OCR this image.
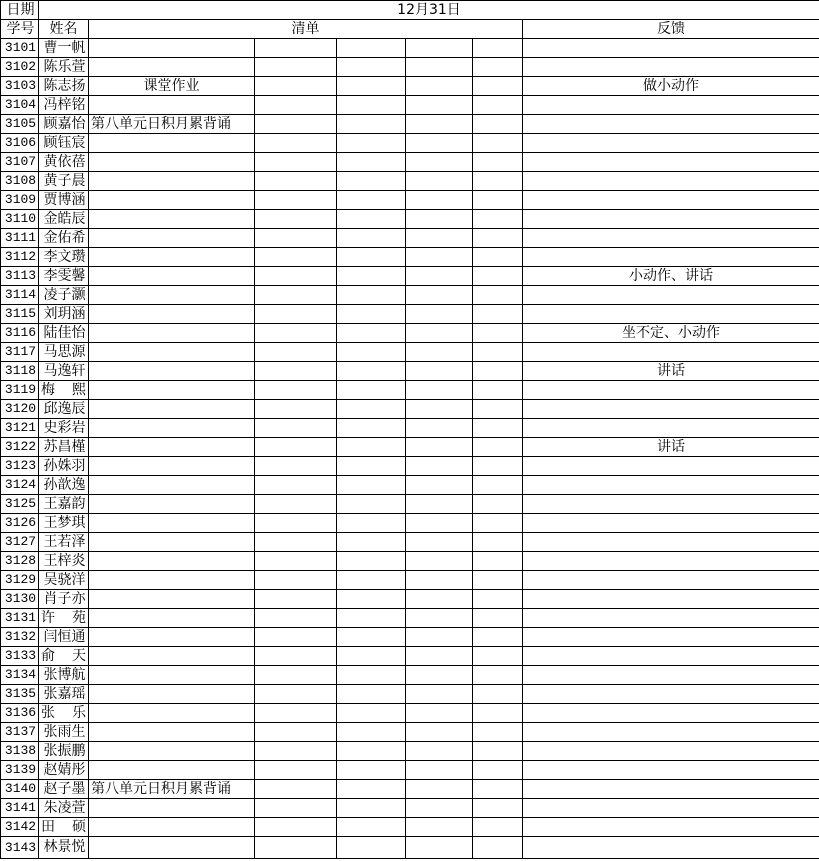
日期	12月31日						
学号	姓名	清单					反馈
3101	曹一帆						
3102	陈乐萱						
3103	陈志扬	课堂作业					做小动作
3104	冯梓铭						
3105	顾嘉怡	第八单元日积月累背诵					
3106	顾钰宸						
3107	黄依蓓						
3108	黄子晨						
3109	贾博涵						
3110	金皓辰						
3111	金佑希						
3112	李文瓒						
3113	李雯馨						小动作、讲话
3114	凌子灏						
3115	刘玥涵						
3116	陆佳怡						坐不定、小动作
3117	马思源						
3118	马逸轩						讲话
3119	梅　熙						
3120	邱逸辰						
3121	史彩岩						
3122	苏昌槿						讲话
3123	孙姝羽						
3124	孙歆逸						
3125	王嘉韵						
3126	王梦琪						
3127	王若泽						
3128	王梓炎						
3129	吴骁洋						
3130	肖子亦						
3131	许　苑						
3132	闫恒通						
3133	俞　天						
3134	张博航						
3135	张嘉瑶						
3136	张　乐						
3137	张雨生						
3138	张振鹏						
3139	赵婧彤						
3140	赵子墨	第八单元日积月累背诵					
3141	朱凌萱						
3142	田　硕						
3143	林景悦						
